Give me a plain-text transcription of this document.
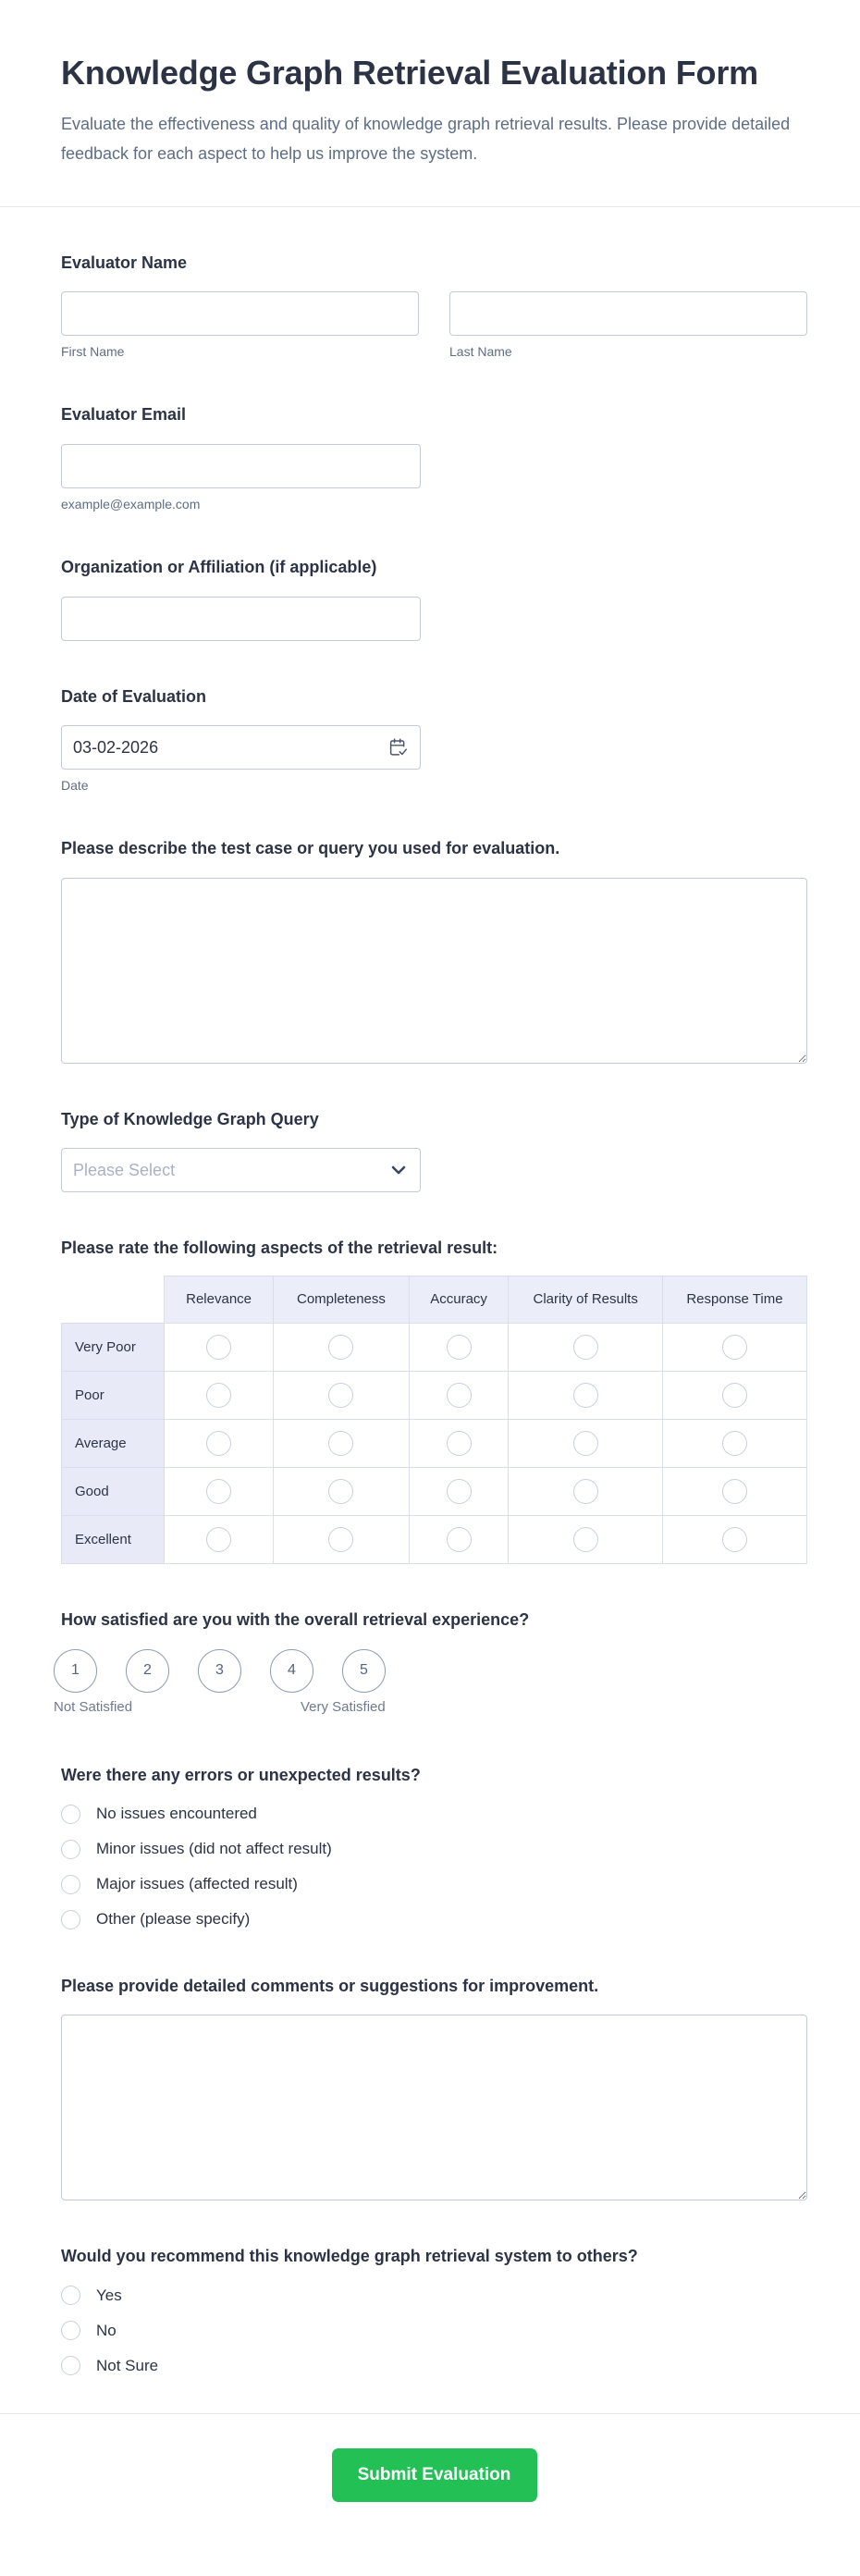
Knowledge Graph Retrieval Evaluation Form
Evaluate the effectiveness and quality of knowledge graph retrieval results. Please provide detailed feedback for each aspect to help us improve the system.
Evaluator Name
First Name	Last Name
Evaluator Email
example@example.com
Organization or Affiliation (if applicable)
Date of Evaluation
03-02-2026
Date
Please describe the test case or query you used for evaluation.
Type of Knowledge Graph Query
Please Select
Please rate the following aspects of the retrieval result:
	Relevance	Completeness	Accuracy	Clarity of Results	Response Time
Very Poor					
Poor					
Average					
Good					
Excellent					
How satisfied are you with the overall retrieval experience?
1	2	3	4	5
Not Satisfied	Very Satisfied
Were there any errors or unexpected results?
No issues encountered
Minor issues (did not affect result)
Major issues (affected result)
Other (please specify)
Please provide detailed comments or suggestions for improvement.
Would you recommend this knowledge graph retrieval system to others?
Yes
No
Not Sure
Submit Evaluation
